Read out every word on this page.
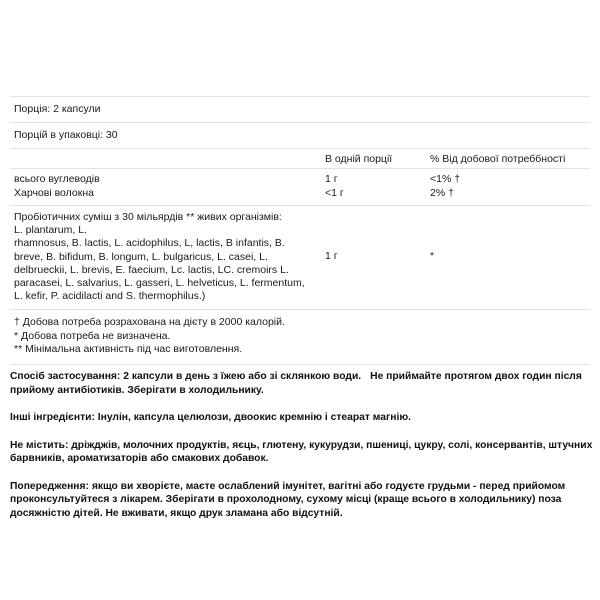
Порція: 2 капсули
Порцій в упаковці: 30
В одній порції	% Від добової потреббності
всього вуглеводів
Харчові волокна
1 г
<1 г
<1% †
2% †
Пробіотичних суміш з 30 мільярдів ** живих організмів:
L. plantarum, L.
rhamnosus, B. lactis, L. acidophilus, L, lactis, B infantis, B.
breve, B. bifidum, B. longum, L. bulgaricus, L. casei, L.
delbrueckii, L. brevis, E. faecium, Lc. lactis, LC. cremoirs L.
paracasei, L. salvarius, L. gasseri, L. helveticus, L. fermentum,
L. kefir, P. acidilacti and S. thermophilus.)
1 г	*
† Добова потреба розрахована на дієту в 2000 калорій.
* Добова потреба не визначена.
** Мінімальна активність під час виготовлення.

Спосіб застосування: 2 капсули в день з їжею або зі склянкою води. Не приймайте протягом двох годин після прийому антибіотиків. Зберігати в холодильнику.

Інші інгредієнти: Інулін, капсула целюлози, двоокис кремнію і стеарат магнію.

Не містить: дріжджів, молочних продуктів, яєць, глютену, кукурудзи, пшениці, цукру, солі, консервантів, штучних барвників, ароматизаторів або смакових добавок.

Попередження: якщо ви хворієте, маєте ослаблений імунітет, вагітні або годуєте грудьми - перед прийомом проконсультуйтеся з лікарем. Зберігати в прохолодному, сухому місці (краще всього в холодильнику) поза досяжністю дітей. Не вживати, якщо друк зламана або відсутній.
